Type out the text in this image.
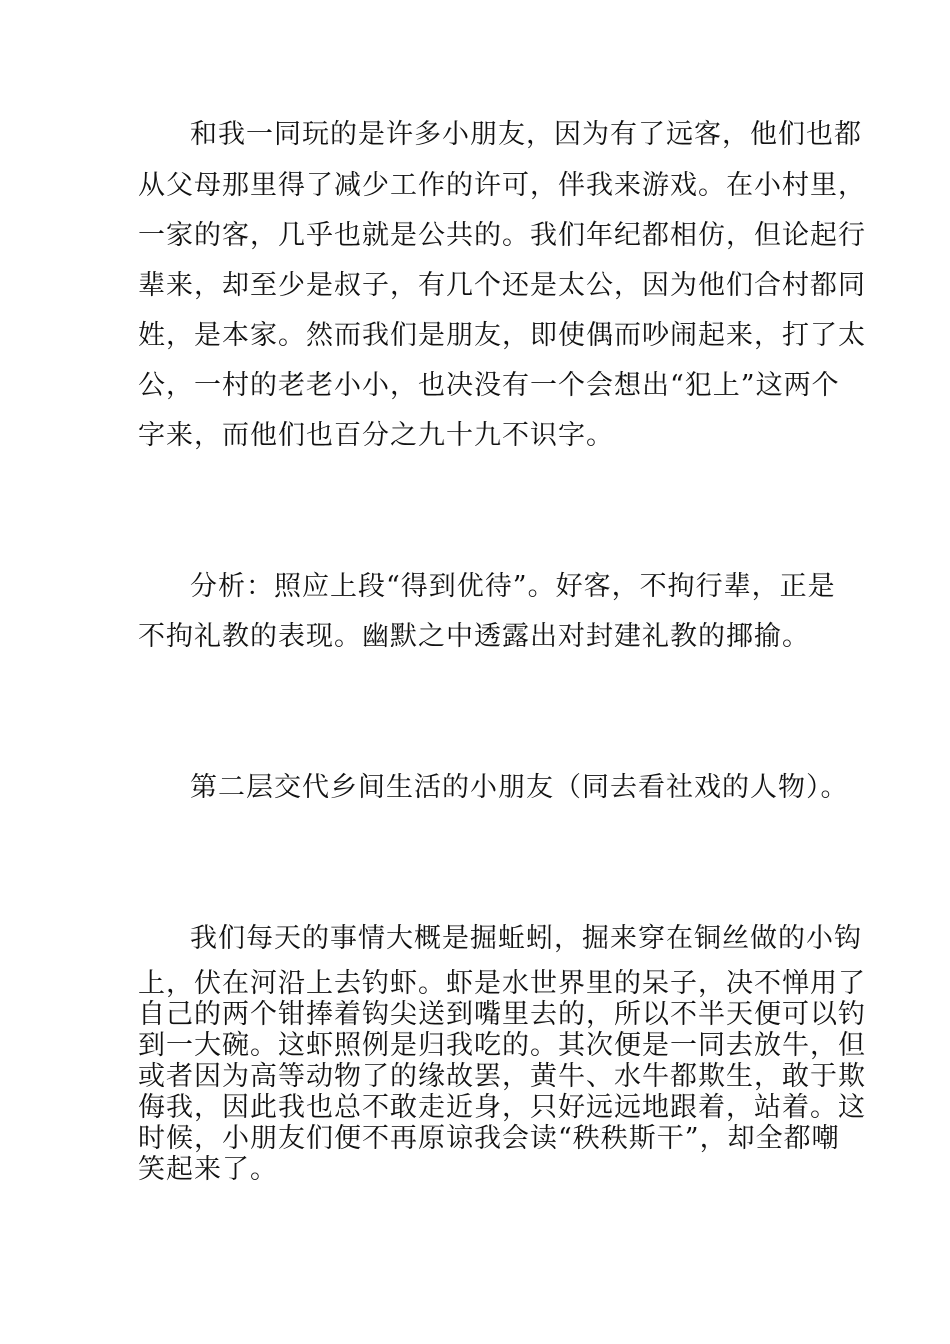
和我一同玩的是许多小朋友，因为有了远客，他们也都
从父母那里得了减少工作的许可，伴我来游戏。在小村里，
一家的客，几乎也就是公共的。我们年纪都相仿，但论起行
辈来，却至少是叔子，有几个还是太公，因为他们合村都同
姓，是本家。然而我们是朋友，即使偶而吵闹起来，打了太
公，一村的老老小小，也决没有一个会想出“犯上”这两个
字来，而他们也百分之九十九不识字。
分析：照应上段“得到优待”。好客，不拘行辈，正是
不拘礼教的表现。幽默之中透露出对封建礼教的揶揄。
第二层交代乡间生活的小朋友（同去看社戏的人物）。
我们每天的事情大概是掘蚯蚓，掘来穿在铜丝做的小钩
上，伏在河沿上去钓虾。虾是水世界里的呆子，决不惮用了
自己的两个钳捧着钩尖送到嘴里去的，所以不半天便可以钓
到一大碗。这虾照例是归我吃的。其次便是一同去放牛，但
或者因为高等动物了的缘故罢，黄牛、水牛都欺生，敢于欺
侮我，因此我也总不敢走近身，只好远远地跟着，站着。这
时候，小朋友们便不再原谅我会读“秩秩斯干”，却全都嘲
笑起来了。
